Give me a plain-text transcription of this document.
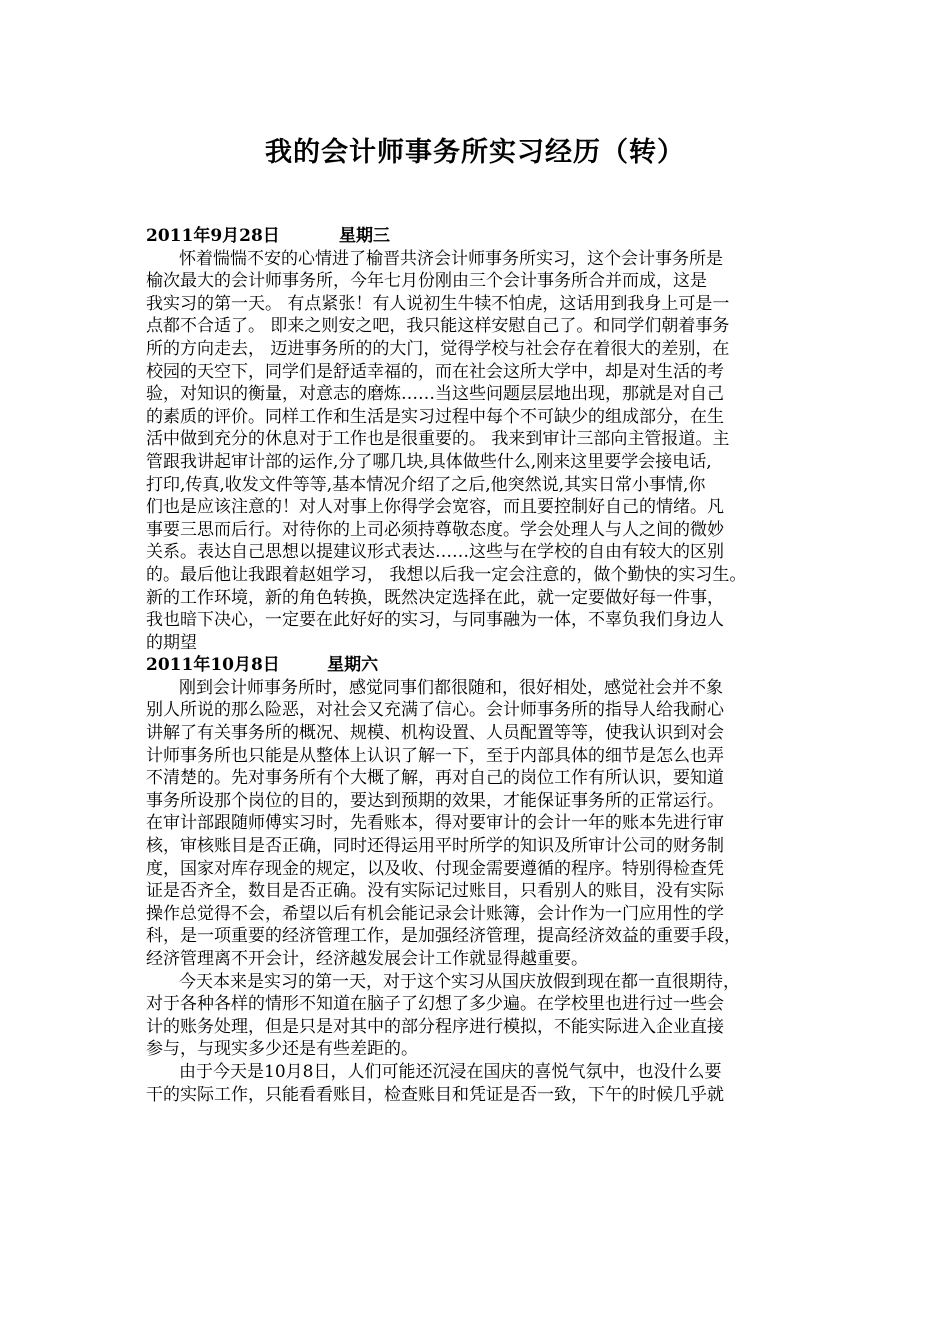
我的会计师事务所实习经历（转）

2011年9月28日	星期三

怀着惴惴不安的心情进了榆晋共济会计师事务所实习，这个会计事务所是

榆次最大的会计师事务所，今年七月份刚由三个会计事务所合并而成，这是

我实习的第一天。 有点紧张！有人说初生牛犊不怕虎，这话用到我身上可是一

点都不合适了。 即来之则安之吧，我只能这样安慰自己了。和同学们朝着事务

所的方向走去， 迈进事务所的的大门，觉得学校与社会存在着很大的差别，在

校园的天空下，同学们是舒适幸福的，而在社会这所大学中，却是对生活的考

验，对知识的衡量，对意志的磨炼……当这些问题层层地出现，那就是对自己

的素质的评价。同样工作和生活是实习过程中每个不可缺少的组成部分，在生

活中做到充分的休息对于工作也是很重要的。 我来到审计三部向主管报道。主

管跟我讲起审计部的运作,分了哪几块,具体做些什么,刚来这里要学会接电话,

打印,传真,收发文件等等,基本情况介绍了之后,他突然说,其实日常小事情,你

们也是应该注意的！对人对事上你得学会宽容，而且要控制好自己的情绪。凡

事要三思而后行。对待你的上司必须持尊敬态度。学会处理人与人之间的微妙

关系。表达自己思想以提建议形式表达……这些与在学校的自由有较大的区别

的。最后他让我跟着赵姐学习， 我想以后我一定会注意的，做个勤快的实习生。

新的工作环境，新的角色转换，既然决定选择在此，就一定要做好每一件事，

我也暗下决心，一定要在此好好的实习，与同事融为一体，不辜负我们身边人

的期望

2011年10月8日	星期六

刚到会计师事务所时，感觉同事们都很随和，很好相处，感觉社会并不象

别人所说的那么险恶，对社会又充满了信心。会计师事务所的指导人给我耐心

讲解了有关事务所的概况、规模、机构设置、人员配置等等，使我认识到对会

计师事务所也只能是从整体上认识了解一下，至于内部具体的细节是怎么也弄

不清楚的。先对事务所有个大概了解，再对自己的岗位工作有所认识，要知道

事务所设那个岗位的目的，要达到预期的效果，才能保证事务所的正常运行。

在审计部跟随师傅实习时，先看账本，得对要审计的会计一年的账本先进行审

核，审核账目是否正确，同时还得运用平时所学的知识及所审计公司的财务制

度，国家对库存现金的规定，以及收、付现金需要遵循的程序。特别得检查凭

证是否齐全，数目是否正确。没有实际记过账目，只看别人的账目，没有实际

操作总觉得不会，希望以后有机会能记录会计账簿，会计作为一门应用性的学

科，是一项重要的经济管理工作，是加强经济管理，提高经济效益的重要手段，

经济管理离不开会计，经济越发展会计工作就显得越重要。

今天本来是实习的第一天，对于这个实习从国庆放假到现在都一直很期待，

对于各种各样的情形不知道在脑子了幻想了多少遍。在学校里也进行过一些会

计的账务处理，但是只是对其中的部分程序进行模拟，不能实际进入企业直接

参与，与现实多少还是有些差距的。

由于今天是10月8日，人们可能还沉浸在国庆的喜悦气氛中，也没什么要

干的实际工作，只能看看账目，检查账目和凭证是否一致，下午的时候几乎就
